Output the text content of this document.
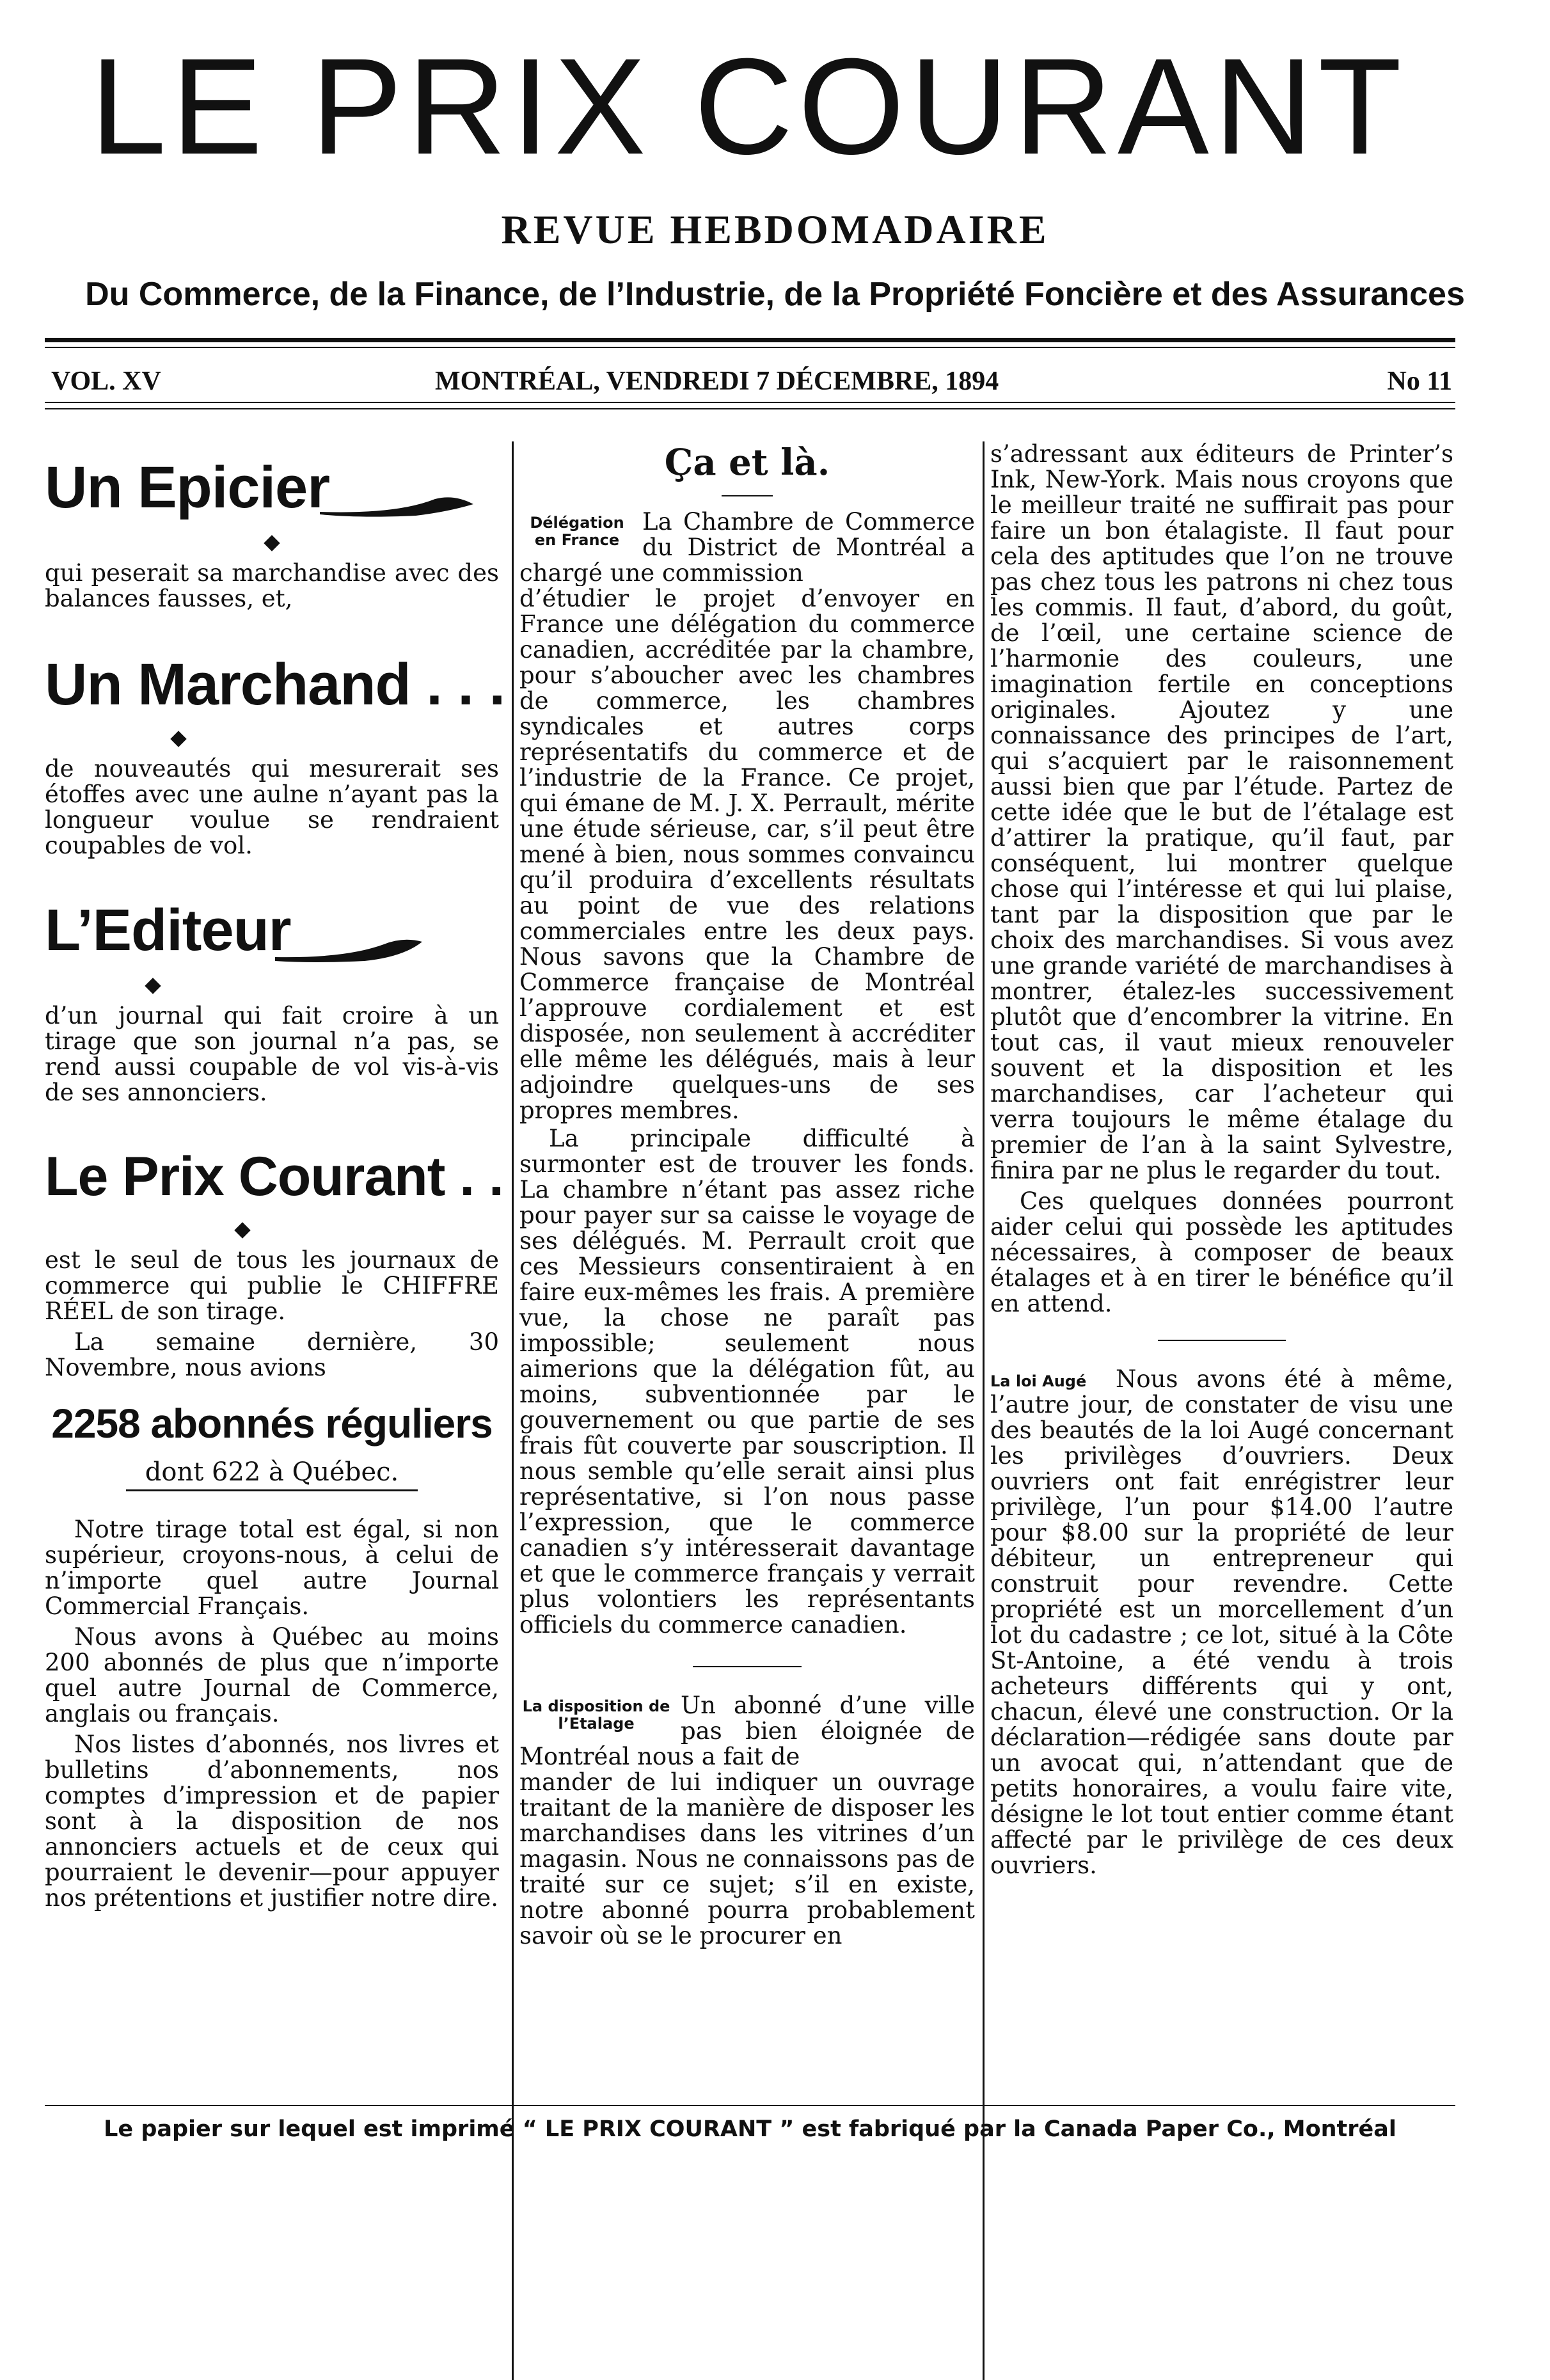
LE PRIX COURANT
REVUE HEBDOMADAIRE
Du Commerce, de la Finance, de l’Industrie, de la Propriété Foncière et des Assurances
VOL. XV	MONTRÉAL, VENDREDI 7 DÉCEMBRE, 1894	No 11
Un Epicier

qui peserait sa marchandise avec des balances fausses, et,

Un Marchand . . .

de nouveautés qui mesurerait ses étoffes avec une aulne n’ayant pas la longueur voulue se rendraient coupables de vol.

L’Editeur

d’un journal qui fait croire à un tirage que son journal n’a pas, se rend aussi coupable de vol vis-à-vis de ses annonciers.

Le Prix Courant . .

est le seul de tous les journaux de commerce qui publie le CHIFFRE RÉEL de son tirage.

La semaine dernière, 30 Novembre, nous avions

2258 abonnés réguliers
dont 622 à Québec.

Notre tirage total est égal, si non supérieur, croyons-nous, à celui de n’importe quel autre Journal Commercial Français.

Nous avons à Québec au moins 200 abonnés de plus que n’importe quel autre Journal de Commerce, anglais ou français.

Nos listes d’abonnés, nos livres et bulletins d’abonnements, nos comptes d’impression et de papier sont à la disposition de nos annonciers actuels et de ceux qui pourraient le devenir—pour appuyer nos prétentions et justifier notre dire.

Ça et là.
Délégation en France

La Chambre de Commerce du District de Montréal a chargé une commission

d’étudier le projet d’envoyer en France une délégation du commerce canadien, accréditée par la chambre, pour s’aboucher avec les chambres de commerce, les chambres syndicales et autres corps représentatifs du commerce et de l’industrie de la France. Ce projet, qui émane de M. J. X. Perrault, mérite une étude sérieuse, car, s’il peut être mené à bien, nous sommes convaincu qu’il produira d’excellents résultats au point de vue des relations commerciales entre les deux pays. Nous savons que la Chambre de Commerce française de Montréal l’approuve cordialement et est disposée, non seulement à accréditer elle même les délégués, mais à leur adjoindre quelques-uns de ses propres membres.

La principale difficulté à surmonter est de trouver les fonds. La chambre n’étant pas assez riche pour payer sur sa caisse le voyage de ses délégués. M. Perrault croit que ces Messieurs consentiraient à en faire eux-mêmes les frais. A première vue, la chose ne paraît pas impossible; seulement nous aimerions que la délégation fût, au moins, subventionnée par le gouvernement ou que partie de ses frais fût couverte par souscription. Il nous semble qu’elle serait ainsi plus représentative, si l’on nous passe l’expression, que le commerce canadien s’y intéresserait davantage et que le commerce français y verrait plus volontiers les représentants officiels du commerce canadien.

La disposition de l’Etalage

Un abonné d’une ville pas bien éloignée de Montréal nous a fait de

mander de lui indiquer un ouvrage traitant de la manière de disposer les marchandises dans les vitrines d’un magasin. Nous ne connaissons pas de traité sur ce sujet; s’il en existe, notre abonné pourra probablement savoir où se le procurer en

s’adressant aux éditeurs de Printer’s Ink, New-York. Mais nous croyons que le meilleur traité ne suffirait pas pour faire un bon étalagiste. Il faut pour cela des aptitudes que l’on ne trouve pas chez tous les patrons ni chez tous les commis. Il faut, d’abord, du goût, de l’œil, une certaine science de l’harmonie des couleurs, une imagination fertile en conceptions originales. Ajoutez y une connaissance des principes de l’art, qui s’acquiert par le raisonnement aussi bien que par l’étude. Partez de cette idée que le but de l’étalage est d’attirer la pratique, qu’il faut, par conséquent, lui montrer quelque chose qui l’intéresse et qui lui plaise, tant par la disposition que par le choix des marchandises. Si vous avez une grande variété de marchandises à montrer, étalez-les successivement plutôt que d’encombrer la vitrine. En tout cas, il vaut mieux renouveler souvent et la disposition et les marchandises, car l’acheteur qui verra toujours le même étalage du premier de l’an à la saint Sylvestre, finira par ne plus le regarder du tout.

Ces quelques données pourront aider celui qui possède les aptitudes nécessaires, à composer de beaux étalages et à en tirer le bénéfice qu’il en attend.

La loi Augé	Nous avons été à même, l’autre jour, de constater de visu une des beautés de la loi Augé concernant les privilèges d’ouvriers. Deux ouvriers ont fait enrégistrer leur privilège, l’un pour $14.00 l’autre pour $8.00 sur la propriété de leur débiteur, un entrepreneur qui construit pour revendre. Cette propriété est un morcellement d’un lot du cadastre ; ce lot, situé à la Côte St-Antoine, a été vendu à trois acheteurs différents qui y ont, chacun, élevé une construction. Or la déclaration—rédigée sans doute par un avocat qui, n’attendant que de petits honoraires, a voulu faire vite, désigne le lot tout entier comme étant affecté par le privilège de ces deux ouvriers.

Le papier sur lequel est imprimé “ LE PRIX COURANT ” est fabriqué par la Canada Paper Co., Montréal
